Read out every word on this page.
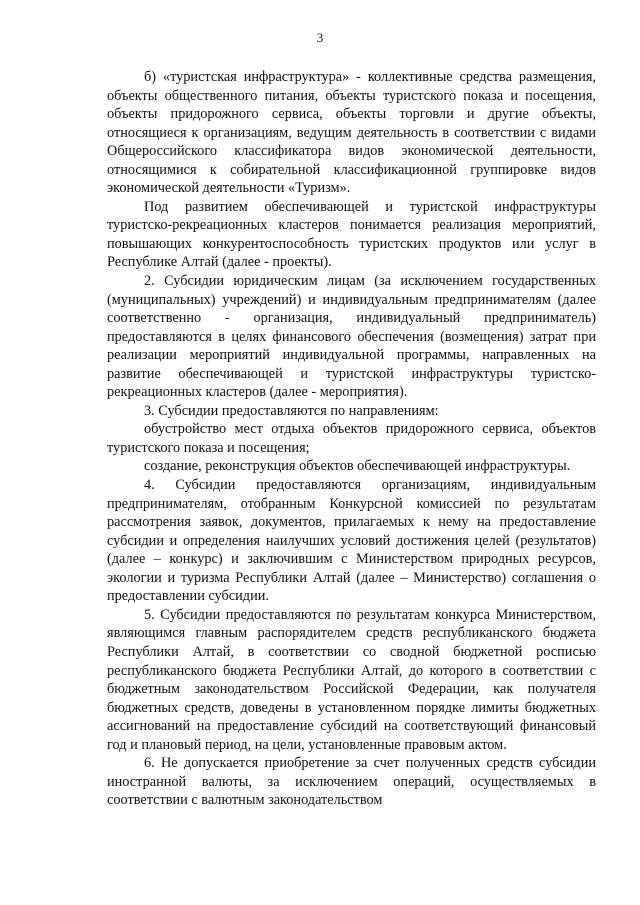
3

б) «туристская инфраструктура» - коллективные средства размещения, объекты общественного питания, объекты туристского показа и посещения, объекты придорожного сервиса, объекты торговли и другие объекты, относящиеся к организациям, ведущим деятельность в соответствии с видами Общероссийского классификатора видов экономической деятельности, относящимися к собирательной классификационной группировке видов экономической деятельности «Туризм».

Под развитием обеспечивающей и туристской инфраструктуры туристско-рекреационных кластеров понимается реализация мероприятий, повышающих конкурентоспособность туристских продуктов или услуг в Республике Алтай (далее - проекты).

2. Субсидии юридическим лицам (за исключением государственных (муниципальных) учреждений) и индивидуальным предпринимателям (далее соответственно - организация, индивидуальный предприниматель) предоставляются в целях финансового обеспечения (возмещения) затрат при реализации мероприятий индивидуальной программы, направленных на развитие обеспечивающей и туристской инфраструктуры туристско-рекреационных кластеров (далее - мероприятия).

3. Субсидии предоставляются по направлениям:

обустройство мест отдыха объектов придорожного сервиса, объектов туристского показа и посещения;

создание, реконструкция объектов обеспечивающей инфраструктуры.

4. Субсидии предоставляются организациям, индивидуальным предпринимателям, отобранным Конкурсной комиссией по результатам рассмотрения заявок, документов, прилагаемых к нему на предоставление субсидии и определения наилучших условий достижения целей (результатов) (далее – конкурс) и заключившим с Министерством природных ресурсов, экологии и туризма Республики Алтай (далее – Министерство) соглашения о предоставлении субсидии.

5. Субсидии предоставляются по результатам конкурса Министерством, являющимся главным распорядителем средств республиканского бюджета Республики Алтай, в соответствии со сводной бюджетной росписью республиканского бюджета Республики Алтай, до которого в соответствии с бюджетным законодательством Российской Федерации, как получателя бюджетных средств, доведены в установленном порядке лимиты бюджетных ассигнований на предоставление субсидий на соответствующий финансовый год и плановый период, на цели, установленные правовым актом.

6. Не допускается приобретение за счет полученных средств субсидии иностранной валюты, за исключением операций, осуществляемых в соответствии с валютным законодательством
